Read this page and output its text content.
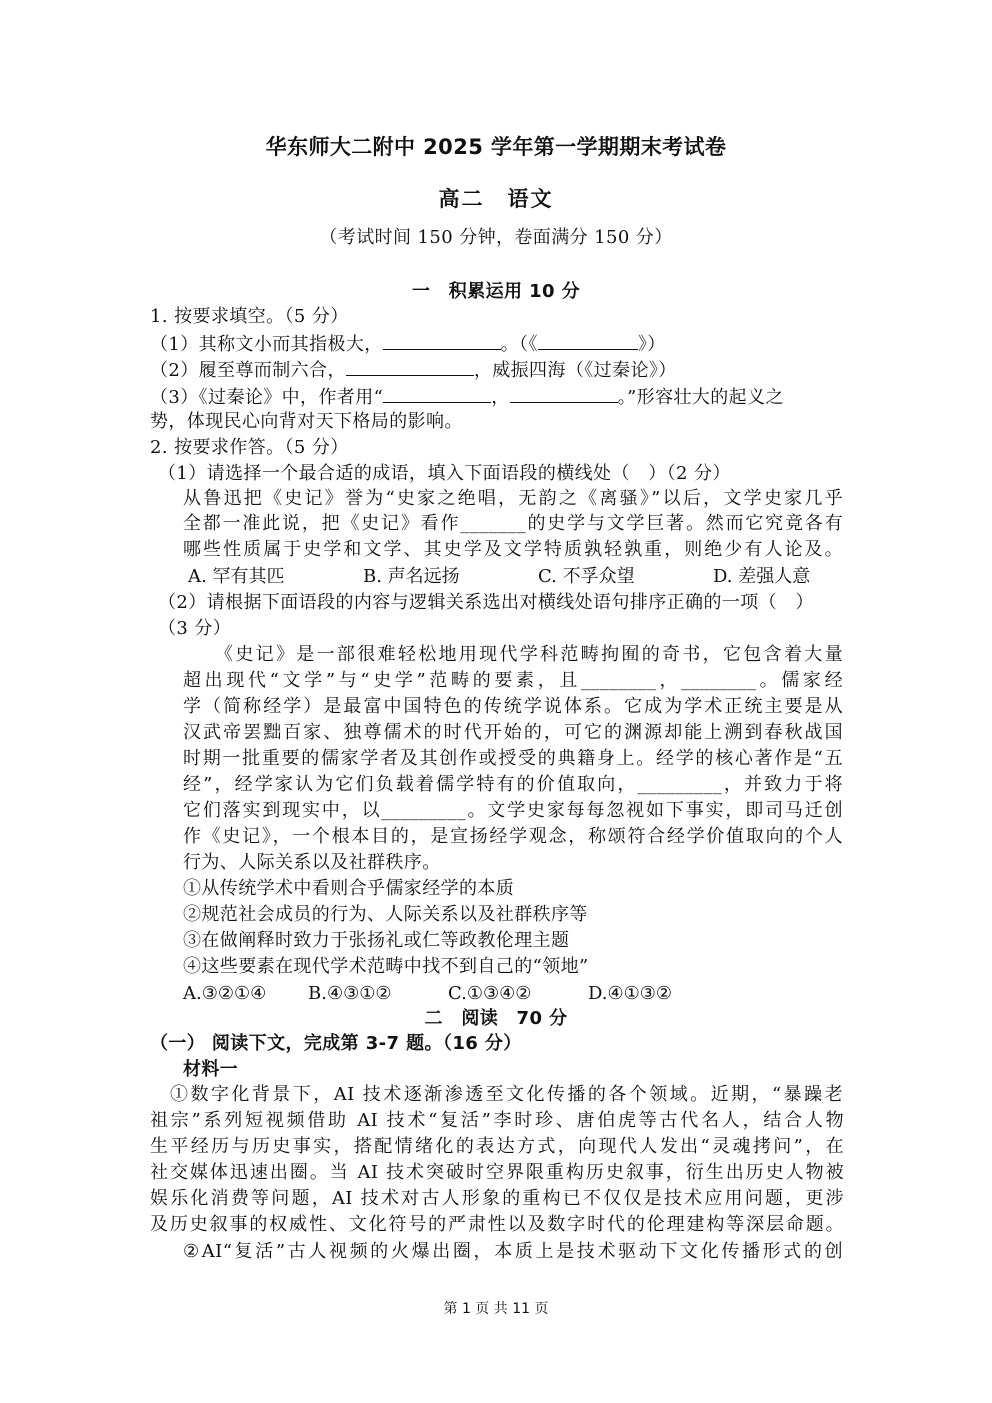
华东师大二附中 2025 学年第一学期期末考试卷
高二　语文
（考试时间 150 分钟，卷面满分 150 分）
一　积累运用 10 分
1. 按要求填空。（5 分）
（1）其称文小而其指极大，	。（《	》）
（2）履至尊而制六合，	，威振四海（《过秦论》）
（3）《过秦论》中，作者用“	，	。”形容壮大的起义之
势，体现民心向背对天下格局的影响。
2. 按要求作答。（5 分）
（1）请选择一个最合适的成语，填入下面语段的横线处（　）（2 分）
从鲁迅把《史记》誉为“史家之绝唱，无韵之《离骚》”以后，文学史家几乎
全都一准此说，把《史记》看作_______的史学与文学巨著。然而它究竟各有
哪些性质属于史学和文学、其史学及文学特质孰轻孰重，则绝少有人论及。
A. 罕有其匹	B. 声名远扬	C. 不孚众望	D. 差强人意
（2）请根据下面语段的内容与逻辑关系选出对横线处语句排序正确的一项（　）
（3 分）
《史记》是一部很难轻松地用现代学科范畴拘囿的奇书，它包含着大量
超出现代“文学”与“史学”范畴的要素，且________，________。儒家经
学（简称经学）是最富中国特色的传统学说体系。它成为学术正统主要是从
汉武帝罢黜百家、独尊儒术的时代开始的，可它的渊源却能上溯到春秋战国
时期一批重要的儒家学者及其创作或授受的典籍身上。经学的核心著作是“五
经”，经学家认为它们负载着儒学特有的价值取向，_________，并致力于将
它们落实到现实中，以_________。文学史家每每忽视如下事实，即司马迁创
作《史记》，一个根本目的，是宣扬经学观念，称颂符合经学价值取向的个人
行为、人际关系以及社群秩序。
①从传统学术中看则合乎儒家经学的本质
②规范社会成员的行为、人际关系以及社群秩序等
③在做阐释时致力于张扬礼或仁等政教伦理主题
④这些要素在现代学术范畴中找不到自己的“领地”
A.③②①④ B.④③①②	C.①③④②	D.④①③②
二　阅读　70 分
（一） 阅读下文，完成第 3-7 题。（16 分）
材料一
①数字化背景下，AI 技术逐渐渗透至文化传播的各个领域。近期，“暴躁老
祖宗”系列短视频借助 AI 技术“复活”李时珍、唐伯虎等古代名人，结合人物
生平经历与历史事实，搭配情绪化的表达方式，向现代人发出“灵魂拷问”，在
社交媒体迅速出圈。当 AI 技术突破时空界限重构历史叙事，衍生出历史人物被
娱乐化消费等问题，AI 技术对古人形象的重构已不仅仅是技术应用问题，更涉
及历史叙事的权威性、文化符号的严肃性以及数字时代的伦理建构等深层命题。
②AI“复活”古人视频的火爆出圈，本质上是技术驱动下文化传播形式的创
第 1 页 共 11 页
